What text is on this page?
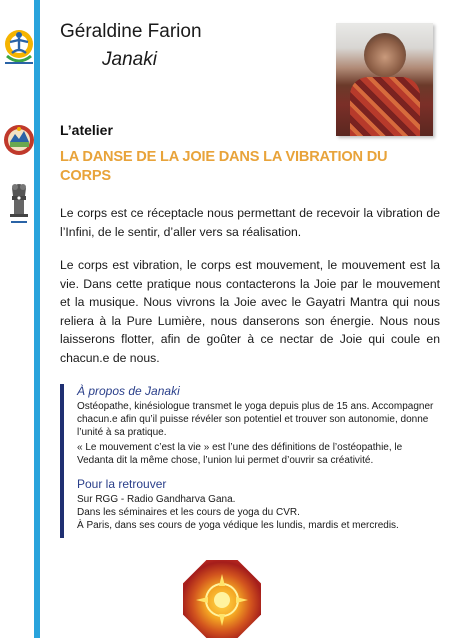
Géraldine Farion
Janaki
L’atelier
LA DANSE DE LA JOIE DANS LA VIBRATION DU CORPS
Le corps est ce réceptacle nous permettant de recevoir la vibration de l’Infini, de le sentir, d’aller vers sa réalisation.
Le corps est vibration, le corps est mouvement, le mouvement est la vie. Dans cette pratique nous contacterons la Joie par le mouvement et la musique. Nous vivrons la Joie avec le Gayatri Mantra qui nous reliera à la Pure Lumière, nous danserons son énergie. Nous nous laisserons flotter, afin de goûter à ce nectar de Joie qui coule en chacun.e de nous.
À propos de Janaki

Ostéopathe, kinésiologue transmet le yoga depuis plus de 15 ans. Accompagner chacun.e afin qu’il puisse révéler son potentiel et trouver son autonomie, donne l’unité à sa pratique.

« Le mouvement c’est la vie » est l’une des définitions de l’ostéopathie, le Vedanta dit la même chose, l’union lui permet d’ouvrir sa créativité.

Pour la retrouver

Sur RGG - Radio Gandharva Gana.

Dans les séminaires et les cours de yoga du CVR.

À Paris, dans ses cours de yoga védique les lundis, mardis et mercredis.
